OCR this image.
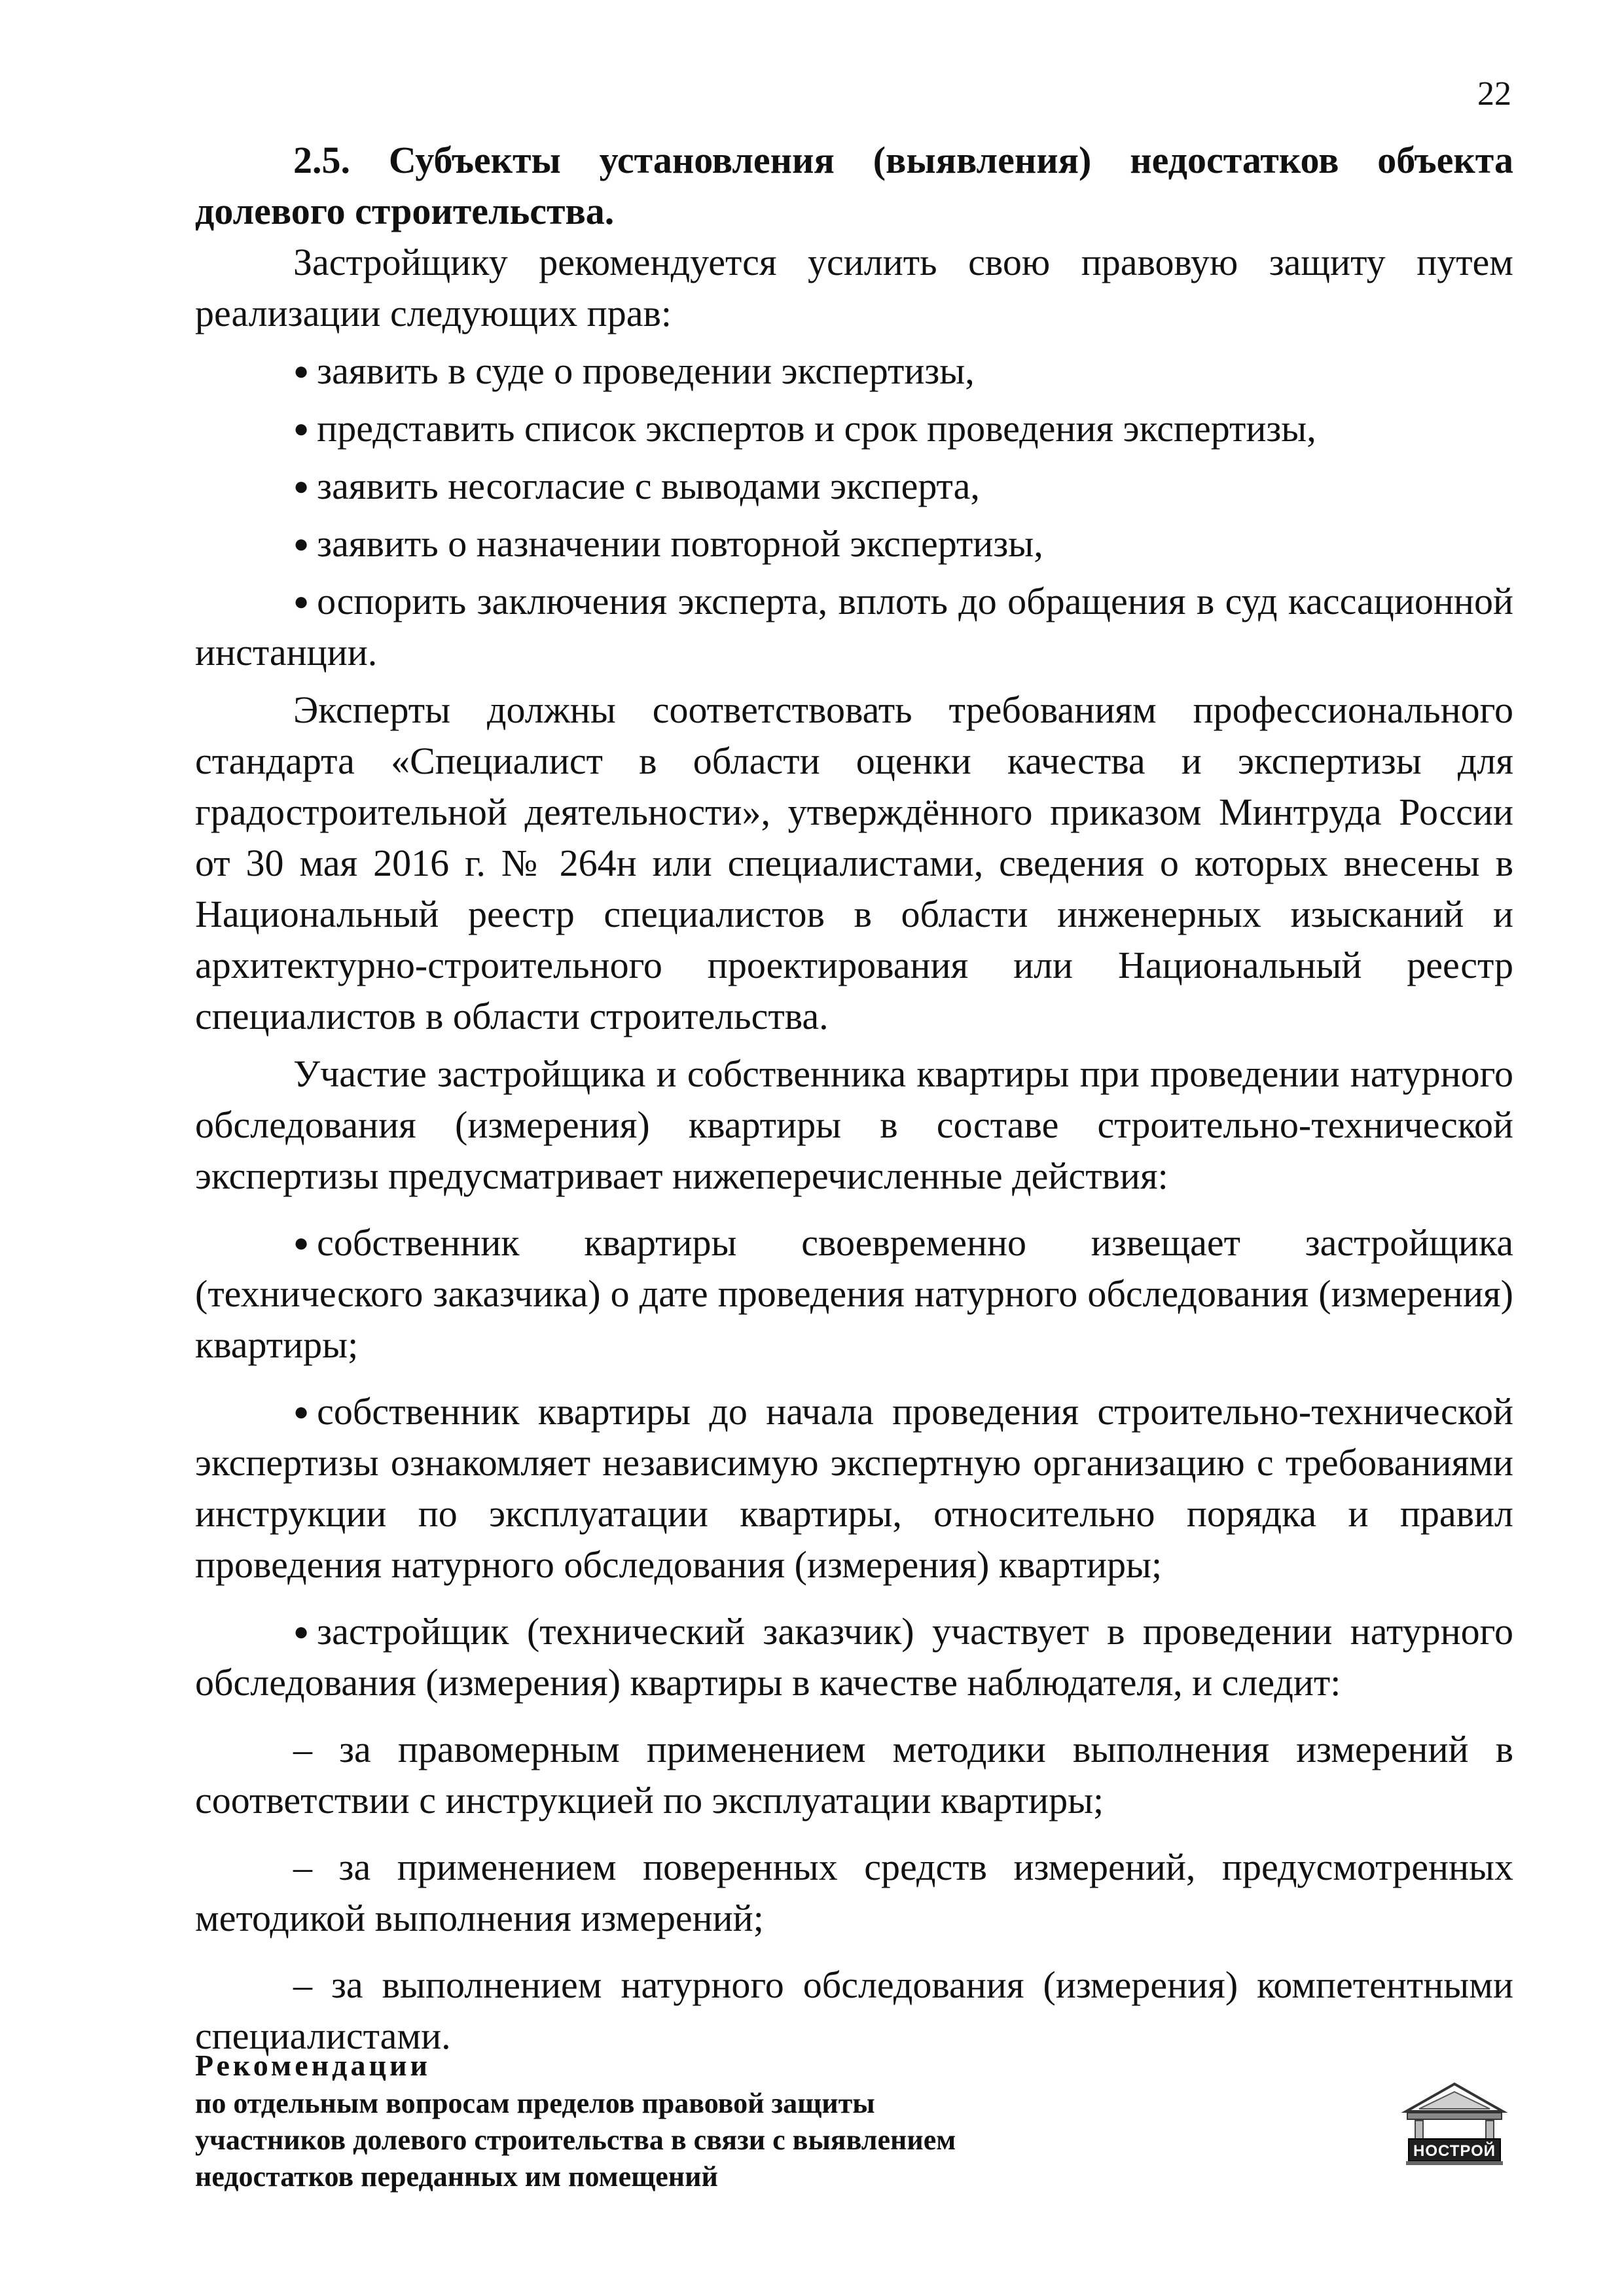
22

2.5. Субъекты установления (выявления) недостатков объекта долевого строительства.

Застройщику рекомендуется усилить свою правовую защиту путем реализации следующих прав:

● заявить в суде о проведении экспертизы,

● представить список экспертов и срок проведения экспертизы,

● заявить несогласие с выводами эксперта,

● заявить о назначении повторной экспертизы,

● оспорить заключения эксперта, вплоть до обращения в суд кассационной инстанции.

Эксперты должны соответствовать требованиям профессионального стандарта «Специалист в области оценки качества и экспертизы для градостроительной деятельности», утверждённого приказом Минтруда России от 30 мая 2016 г. № 264н или специалистами, сведения о которых внесены в Национальный реестр специалистов в области инженерных изысканий и архитектурно-строительного проектирования или Национальный реестр специалистов в области строительства.

Участие застройщика и собственника квартиры при проведении натурного обследования (измерения) квартиры в составе строительно-технической экспертизы предусматривает нижеперечисленные действия:

● собственник квартиры своевременно извещает застройщика (технического заказчика) о дате проведения натурного обследования (измерения) квартиры;

● собственник квартиры до начала проведения строительно-технической экспертизы ознакомляет независимую экспертную организацию с требованиями инструкции по эксплуатации квартиры, относительно порядка и правил проведения натурного обследования (измерения) квартиры;

● застройщик (технический заказчик) участвует в проведении натурного обследования (измерения) квартиры в качестве наблюдателя, и следит:

– за правомерным применением методики выполнения измерений в соответствии с инструкцией по эксплуатации квартиры;

– за применением поверенных средств измерений, предусмотренных методикой выполнения измерений;

– за выполнением натурного обследования (измерения) компетентными специалистами.

Рекомендации
по отдельным вопросам пределов правовой защиты
участников долевого строительства в связи с выявлением
недостатков переданных им помещений
НОСТРОЙ
